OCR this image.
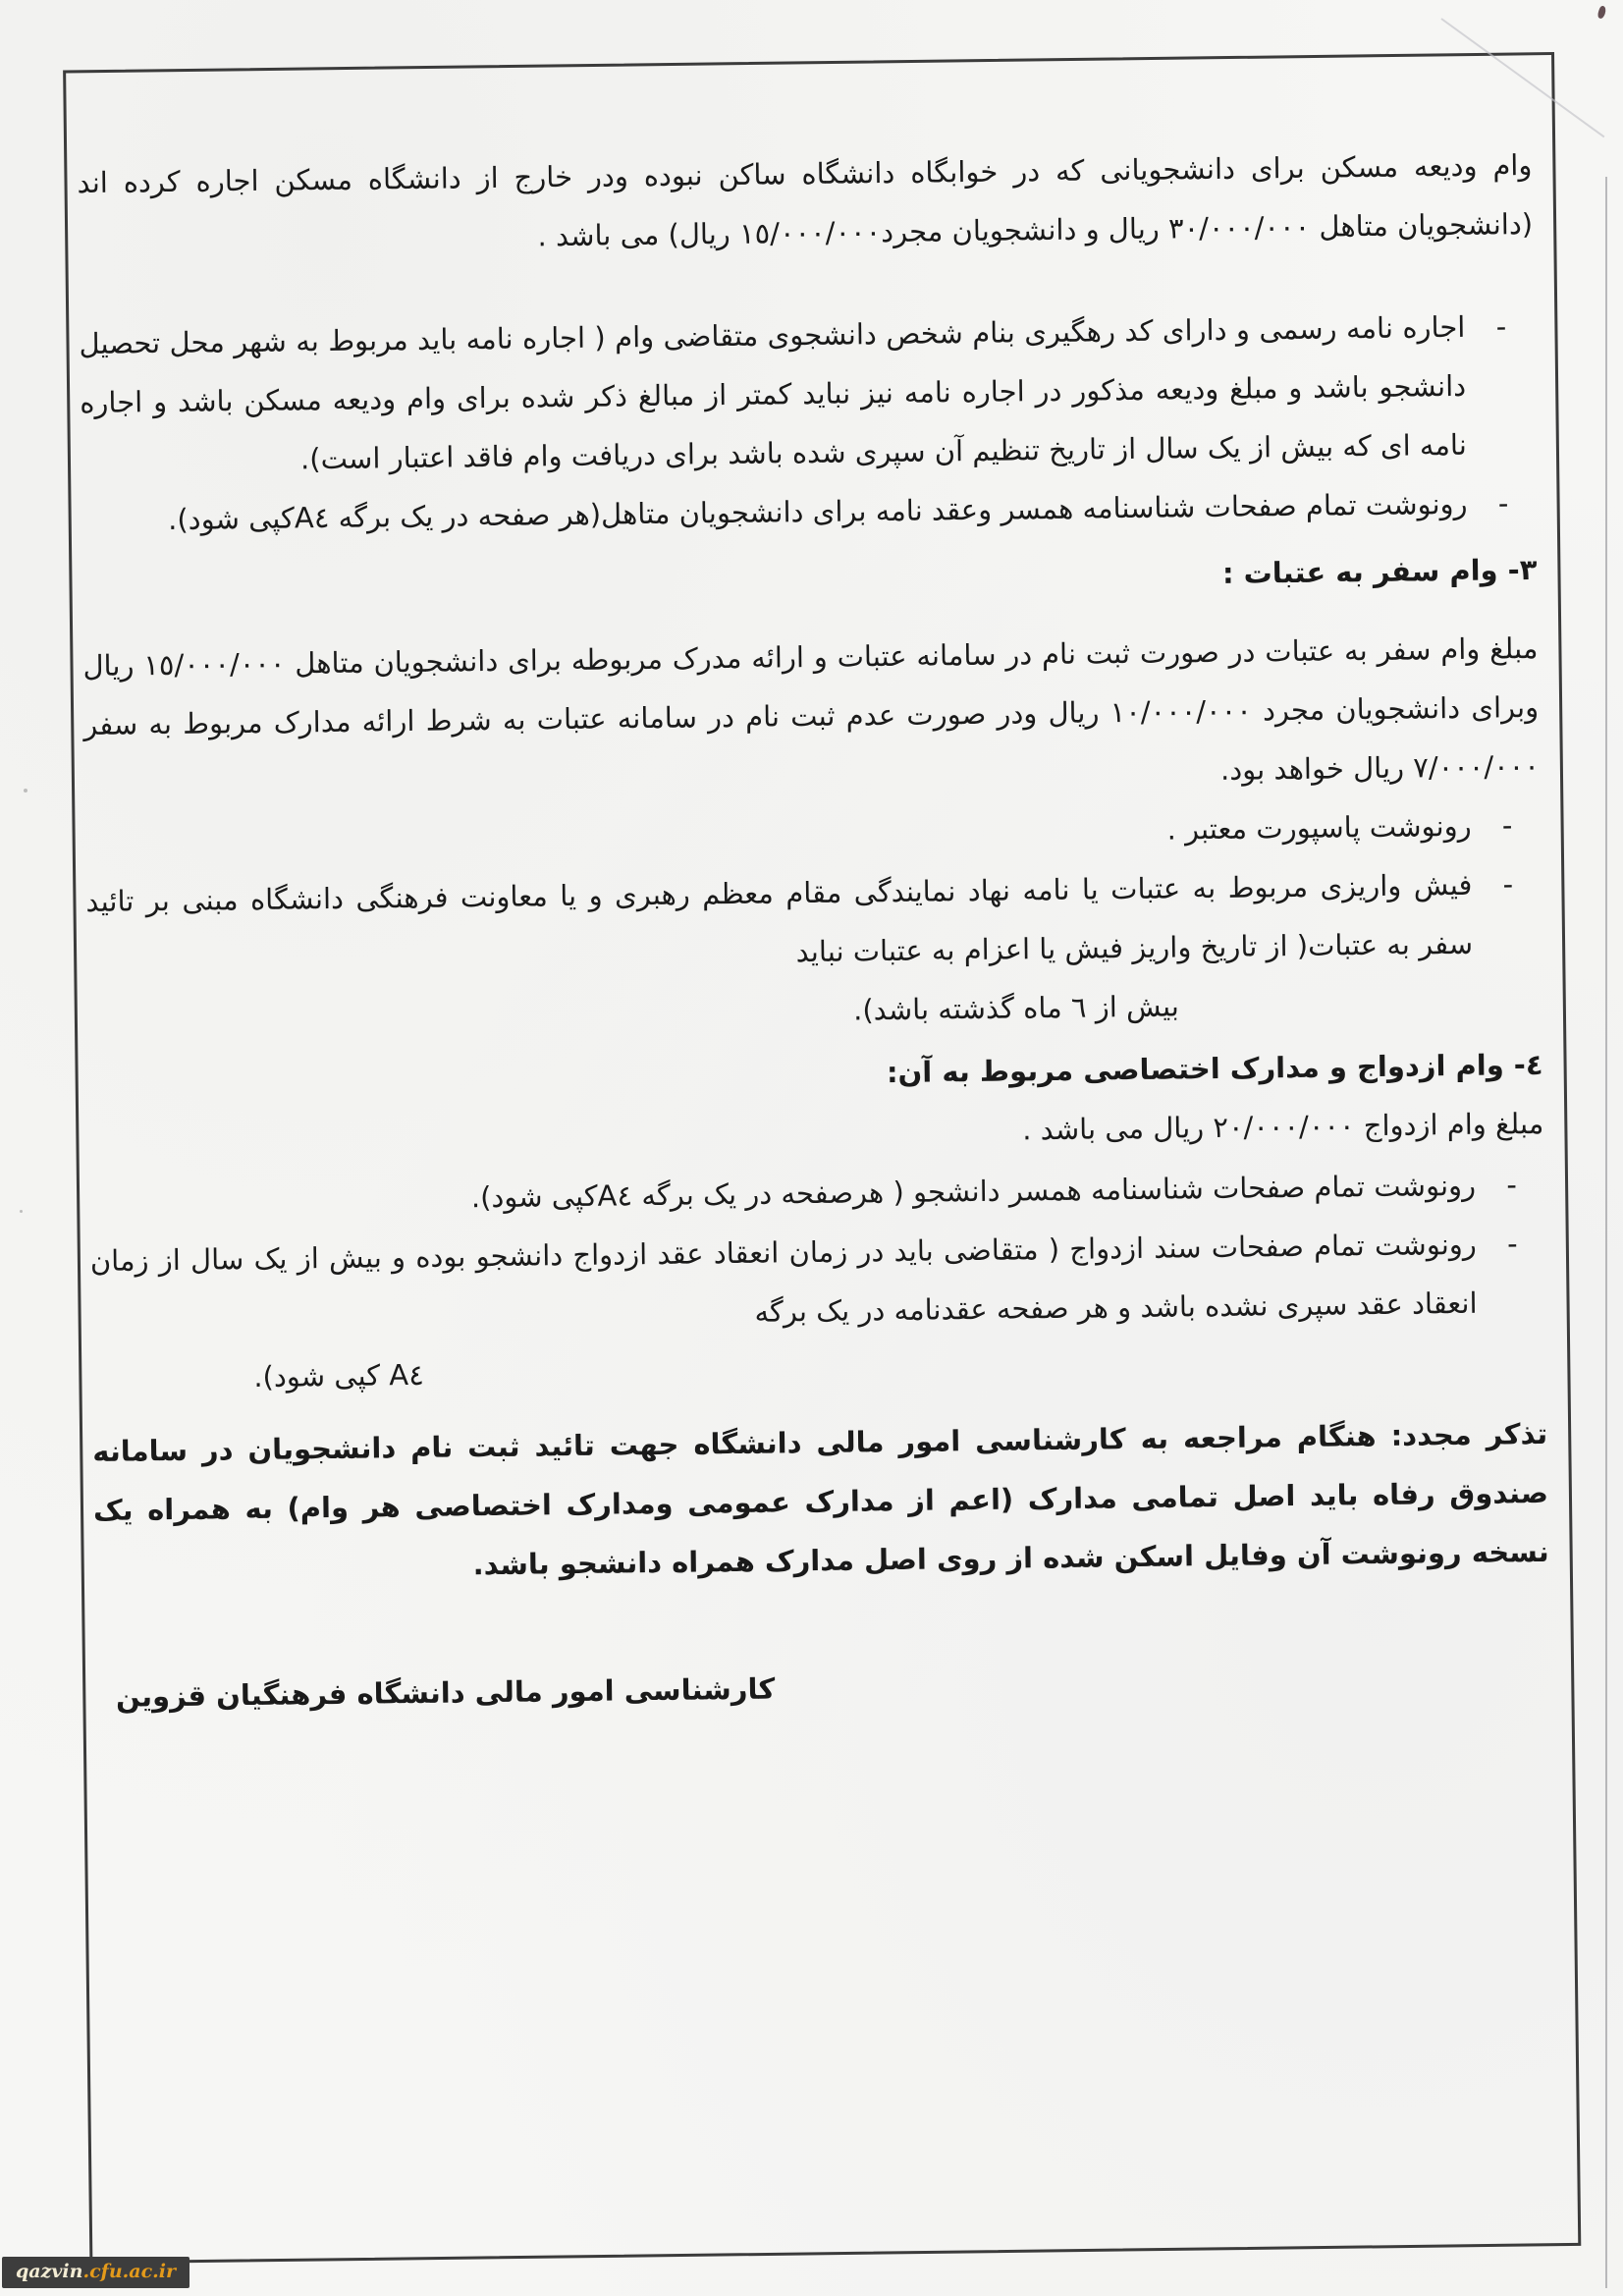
وام ودیعه مسکن برای دانشجویانی که در خوابگاه دانشگاه ساکن نبوده ودر خارج از دانشگاه مسکن اجاره کرده اند (دانشجویان متاهل ٣٠/٠٠٠/٠٠٠ ریال و دانشجویان مجرد١٥/٠٠٠/٠٠٠ ریال) می باشد .

- اجاره نامه رسمی و دارای کد رهگیری بنام شخص دانشجوی متقاضی وام ( اجاره نامه باید مربوط به شهر محل تحصیل دانشجو باشد و مبلغ ودیعه مذکور در اجاره نامه نیز نباید کمتر از مبالغ ذکر شده برای وام ودیعه مسکن باشد و اجاره نامه ای که بیش از یک سال از تاریخ تنظیم آن سپری شده باشد برای دریافت وام فاقد اعتبار است).
- رونوشت تمام صفحات شناسنامه همسر وعقد نامه برای دانشجویان متاهل(هر صفحه در یک برگه A٤کپی شود).

٣- وام سفر به عتبات :

مبلغ وام سفر به عتبات در صورت ثبت نام در سامانه عتبات و ارائه مدرک مربوطه برای دانشجویان متاهل ١٥/٠٠٠/٠٠٠ ریال وبرای دانشجویان مجرد ١٠/٠٠٠/٠٠٠ ریال ودر صورت عدم ثبت نام در سامانه عتبات به شرط ارائه مدارک مربوط به سفر ٧/٠٠٠/٠٠٠ ریال خواهد بود.

- رونوشت پاسپورت معتبر .
- فیش واریزی مربوط به عتبات یا نامه نهاد نمایندگی مقام معظم رهبری و یا معاونت فرهنگی دانشگاه مبنی بر تائید سفر به عتبات( از تاریخ واریز فیش یا اعزام به عتبات نباید
بیش از ٦ ماه گذشته باشد).

٤- وام ازدواج و مدارک اختصاصی مربوط به آن:

مبلغ وام ازدواج ٢٠/٠٠٠/٠٠٠ ریال می باشد .

- رونوشت تمام صفحات شناسنامه همسر دانشجو ( هرصفحه در یک برگه A٤کپی شود).
- رونوشت تمام صفحات سند ازدواج ( متقاضی باید در زمان انعقاد عقد ازدواج دانشجو بوده و بیش از یک سال از زمان انعقاد عقد سپری نشده باشد و هر صفحه عقدنامه در یک برگه
A٤ کپی شود).

تذکر مجدد: هنگام مراجعه به کارشناسی امور مالی دانشگاه جهت تائید ثبت نام دانشجویان در سامانه صندوق رفاه باید اصل تمامی مدارک (اعم از مدارک عمومی ومدارک اختصاصی هر وام) به همراه یک نسخه رونوشت آن وفایل اسکن شده از روی اصل مدارک همراه دانشجو باشد.

کارشناسی امور مالی دانشگاه فرهنگیان قزوین

qazvin.cfu.ac.ir
